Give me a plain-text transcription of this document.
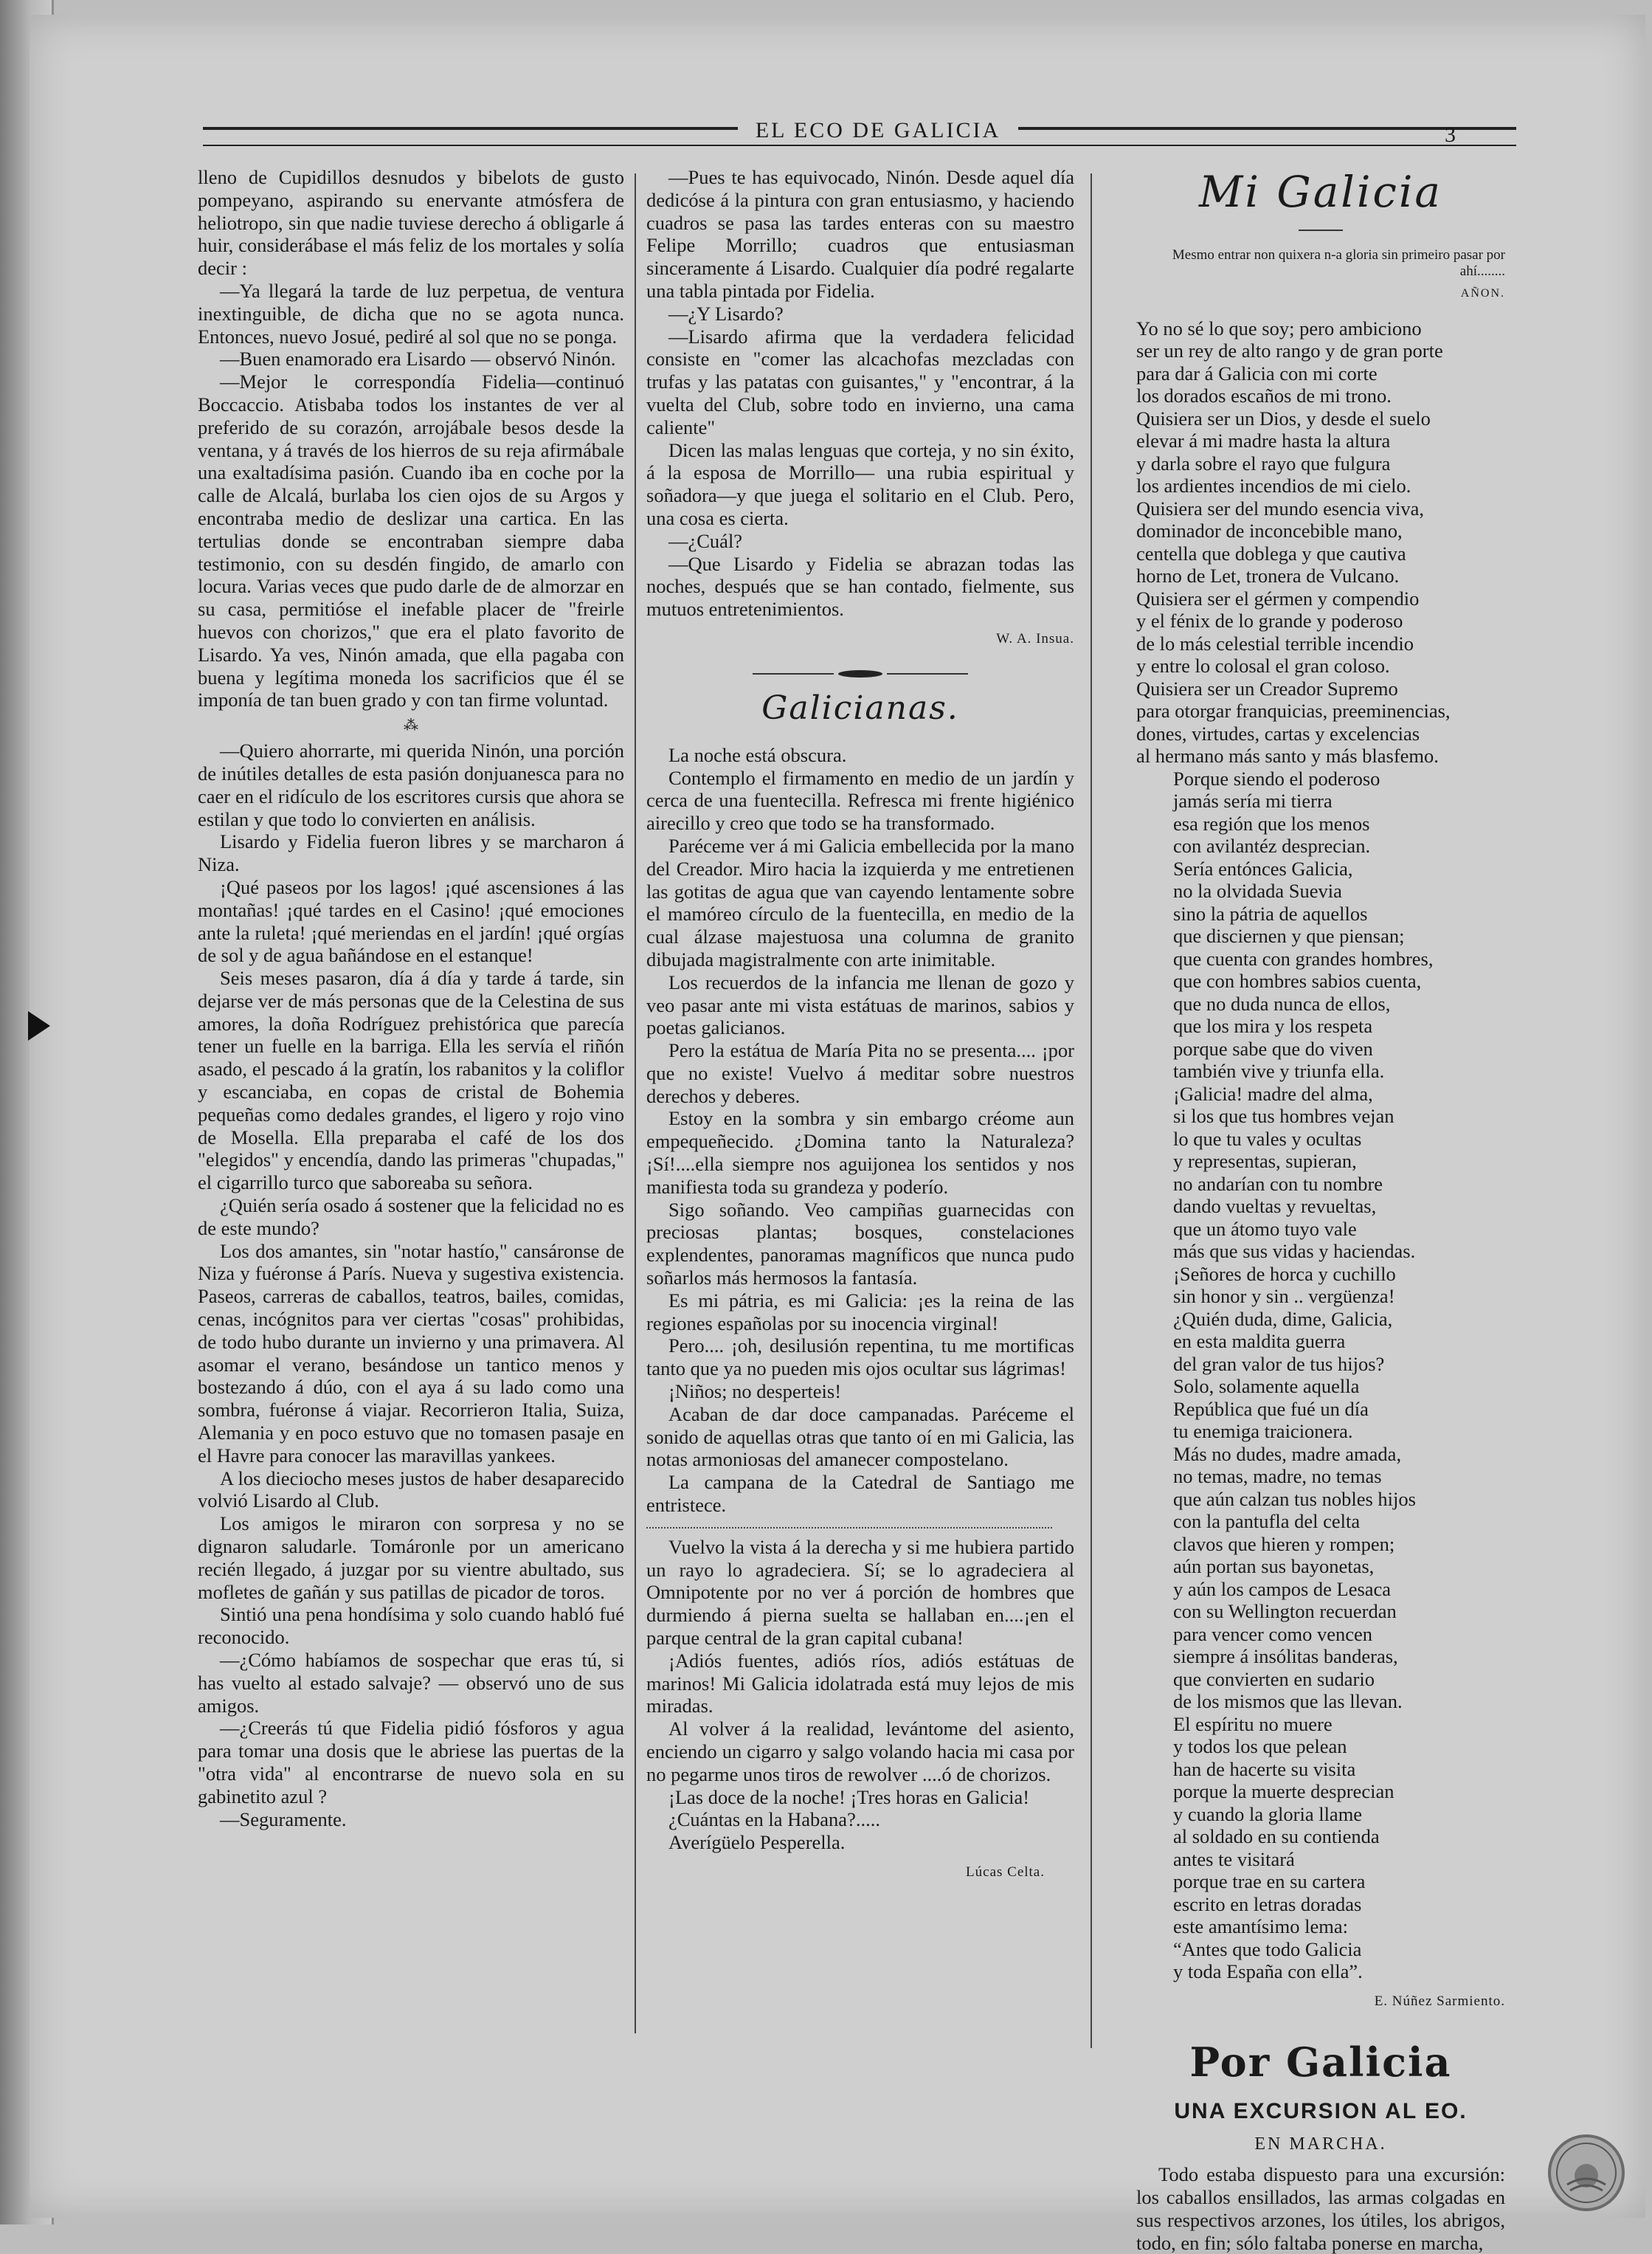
EL ECO DE GALICIA	3

lleno de Cupidillos desnudos y bibelots de gusto pompeyano, aspirando su enervante atmósfera de heliotropo, sin que nadie tuviese derecho á obligarle á huir, considerábase el más feliz de los mortales y solía decir :

—Ya llegará la tarde de luz perpetua, de ventura inextinguible, de dicha que no se agota nunca. Entonces, nuevo Josué, pediré al sol que no se ponga.

—Buen enamorado era Lisardo — observó Ninón.

—Mejor le correspondía Fidelia—continuó Boccaccio. Atisbaba todos los instantes de ver al preferido de su corazón, arrojábale besos desde la ventana, y á través de los hierros de su reja afirmábale una exaltadísima pasión. Cuando iba en coche por la calle de Alcalá, burlaba los cien ojos de su Argos y encontraba medio de deslizar una cartica. En las tertulias donde se encontraban siempre daba testimonio, con su desdén fingido, de amarlo con locura. Varias veces que pudo darle de de almorzar en su casa, permitióse el inefable placer de "freirle huevos con chorizos," que era el plato favorito de Lisardo. Ya ves, Ninón amada, que ella pagaba con buena y legítima moneda los sacrificios que él se imponía de tan buen grado y con tan firme voluntad.

⁂

—Quiero ahorrarte, mi querida Ninón, una porción de inútiles detalles de esta pasión donjuanesca para no caer en el ridículo de los escritores cursis que ahora se estilan y que todo lo convierten en análisis.

Lisardo y Fidelia fueron libres y se marcharon á Niza.

¡Qué paseos por los lagos! ¡qué ascensiones á las montañas! ¡qué tardes en el Casino! ¡qué emociones ante la ruleta! ¡qué meriendas en el jardín! ¡qué orgías de sol y de agua bañándose en el estanque!

Seis meses pasaron, día á día y tarde á tarde, sin dejarse ver de más personas que de la Celestina de sus amores, la doña Rodríguez prehistórica que parecía tener un fuelle en la barriga. Ella les servía el riñón asado, el pescado á la gratín, los rabanitos y la coliflor y escanciaba, en copas de cristal de Bohemia pequeñas como dedales grandes, el ligero y rojo vino de Mosella. Ella preparaba el café de los dos "elegidos" y encendía, dando las primeras "chupadas," el cigarrillo turco que saboreaba su señora.

¿Quién sería osado á sostener que la felicidad no es de este mundo?

Los dos amantes, sin "notar hastío," cansáronse de Niza y fuéronse á París. Nueva y sugestiva existencia. Paseos, carreras de caballos, teatros, bailes, comidas, cenas, incógnitos para ver ciertas "cosas" prohibidas, de todo hubo durante un invierno y una primavera. Al asomar el verano, besándose un tantico menos y bostezando á dúo, con el aya á su lado como una sombra, fuéronse á viajar. Recorrieron Italia, Suiza, Alemania y en poco estuvo que no tomasen pasaje en el Havre para conocer las maravillas yankees.

A los dieciocho meses justos de haber desaparecido volvió Lisardo al Club.

Los amigos le miraron con sorpresa y no se dignaron saludarle. Tomáronle por un americano recién llegado, á juzgar por su vientre abultado, sus mofletes de gañán y sus patillas de picador de toros.

Sintió una pena hondísima y solo cuando habló fué reconocido.

—¿Cómo habíamos de sospechar que eras tú, si has vuelto al estado salvaje? — observó uno de sus amigos.

—¿Creerás tú que Fidelia pidió fósforos y agua para tomar una dosis que le abriese las puertas de la "otra vida" al encontrarse de nuevo sola en su gabinetito azul ?

—Seguramente.

—Pues te has equivocado, Ninón. Desde aquel día dedicóse á la pintura con gran entusiasmo, y haciendo cuadros se pasa las tardes enteras con su maestro Felipe Morrillo; cuadros que entusiasman sinceramente á Lisardo. Cualquier día podré regalarte una tabla pintada por Fidelia.

—¿Y Lisardo?

—Lisardo afirma que la verdadera felicidad consiste en "comer las alcachofas mezcladas con trufas y las patatas con guisantes," y "encontrar, á la vuelta del Club, sobre todo en invierno, una cama caliente"

Dicen las malas lenguas que corteja, y no sin éxito, á la esposa de Morrillo— una rubia espiritual y soñadora—y que juega el solitario en el Club. Pero, una cosa es cierta.

—¿Cuál?

—Que Lisardo y Fidelia se abrazan todas las noches, después que se han contado, fielmente, sus mutuos entretenimientos.

W. A. Insua.
Galicianas.

La noche está obscura.

Contemplo el firmamento en medio de un jardín y cerca de una fuentecilla. Refresca mi frente higiénico airecillo y creo que todo se ha transformado.

Paréceme ver á mi Galicia embellecida por la mano del Creador. Miro hacia la izquierda y me entretienen las gotitas de agua que van cayendo lentamente sobre el mamóreo círculo de la fuentecilla, en medio de la cual álzase majestuosa una columna de granito dibujada magistralmente con arte inimitable.

Los recuerdos de la infancia me llenan de gozo y veo pasar ante mi vista estátuas de marinos, sabios y poetas galicianos.

Pero la estátua de María Pita no se presenta.... ¡por que no existe! Vuelvo á meditar sobre nuestros derechos y deberes.

Estoy en la sombra y sin embargo créome aun empequeñecido. ¿Domina tanto la Naturaleza? ¡Sí!....ella siempre nos aguijonea los sentidos y nos manifiesta toda su grandeza y poderío.

Sigo soñando. Veo campiñas guarnecidas con preciosas plantas; bosques, constelaciones explendentes, panoramas magníficos que nunca pudo soñarlos más hermosos la fantasía.

Es mi pátria, es mi Galicia: ¡es la reina de las regiones españolas por su inocencia virginal!

Pero.... ¡oh, desilusión repentina, tu me mortificas tanto que ya no pueden mis ojos ocultar sus lágrimas!

¡Niños; no desperteis!

Acaban de dar doce campanadas. Paréceme el sonido de aquellas otras que tanto oí en mi Galicia, las notas armoniosas del amanecer compostelano.

La campana de la Catedral de Santiago me entristece.

Vuelvo la vista á la derecha y si me hubiera partido un rayo lo agradeciera. Sí; se lo agradeciera al Omnipotente por no ver á porción de hombres que durmiendo á pierna suelta se hallaban en....¡en el parque central de la gran capital cubana!

¡Adiós fuentes, adiós ríos, adiós estátuas de marinos! Mi Galicia idolatrada está muy lejos de mis miradas.

Al volver á la realidad, levántome del asiento, enciendo un cigarro y salgo volando hacia mi casa por no pegarme unos tiros de rewolver ....ó de chorizos.

¡Las doce de la noche! ¡Tres horas en Galicia!

¿Cuántas en la Habana?.....

Averígüelo Pesperella.

Lúcas Celta.
Mi Galicia
Mesmo entrar non quixera n-a gloria sin primeiro pasar por ahí........
AÑON.
Yo no sé lo que soy; pero ambiciono
ser un rey de alto rango y de gran porte
para dar á Galicia con mi corte
los dorados escaños de mi trono.
Quisiera ser un Dios, y desde el suelo
elevar á mi madre hasta la altura
y darla sobre el rayo que fulgura
los ardientes incendios de mi cielo.
Quisiera ser del mundo esencia viva,
dominador de inconcebible mano,
centella que doblega y que cautiva
horno de Let, tronera de Vulcano.
Quisiera ser el gérmen y compendio
y el fénix de lo grande y poderoso
de lo más celestial terrible incendio
y entre lo colosal el gran coloso.
Quisiera ser un Creador Supremo
para otorgar franquicias, preeminencias,
dones, virtudes, cartas y excelencias
al hermano más santo y más blasfemo.
Porque siendo el poderoso
jamás sería mi tierra
esa región que los menos
con avilantéz desprecian.
Sería entónces Galicia,
no la olvidada Suevia
sino la pátria de aquellos
que disciernen y que piensan;
que cuenta con grandes hombres,
que con hombres sabios cuenta,
que no duda nunca de ellos,
que los mira y los respeta
porque sabe que do viven
también vive y triunfa ella.
¡Galicia! madre del alma,
si los que tus hombres vejan
lo que tu vales y ocultas
y representas, supieran,
no andarían con tu nombre
dando vueltas y revueltas,
que un átomo tuyo vale
más que sus vidas y haciendas.
¡Señores de horca y cuchillo
sin honor y sin .. vergüenza!
¿Quién duda, dime, Galicia,
en esta maldita guerra
del gran valor de tus hijos?
Solo, solamente aquella
República que fué un día
tu enemiga traicionera.
Más no dudes, madre amada,
no temas, madre, no temas
que aún calzan tus nobles hijos
con la pantufla del celta
clavos que hieren y rompen;
aún portan sus bayonetas,
y aún los campos de Lesaca
con su Wellington recuerdan
para vencer como vencen
siempre á insólitas banderas,
que convierten en sudario
de los mismos que las llevan.
El espíritu no muere
y todos los que pelean
han de hacerte su visita
porque la muerte desprecian
y cuando la gloria llame
al soldado en su contienda
antes te visitará
porque trae en su cartera
escrito en letras doradas
este amantísimo lema:
“Antes que todo Galicia
y toda España con ella”.
E. Núñez Sarmiento.
Por Galicia
UNA EXCURSION AL EO.
EN MARCHA.

Todo estaba dispuesto para una excursión: los caballos ensillados, las armas colgadas en sus respectivos arzones, los útiles, los abrigos, todo, en fin; sólo faltaba ponerse en marcha,
